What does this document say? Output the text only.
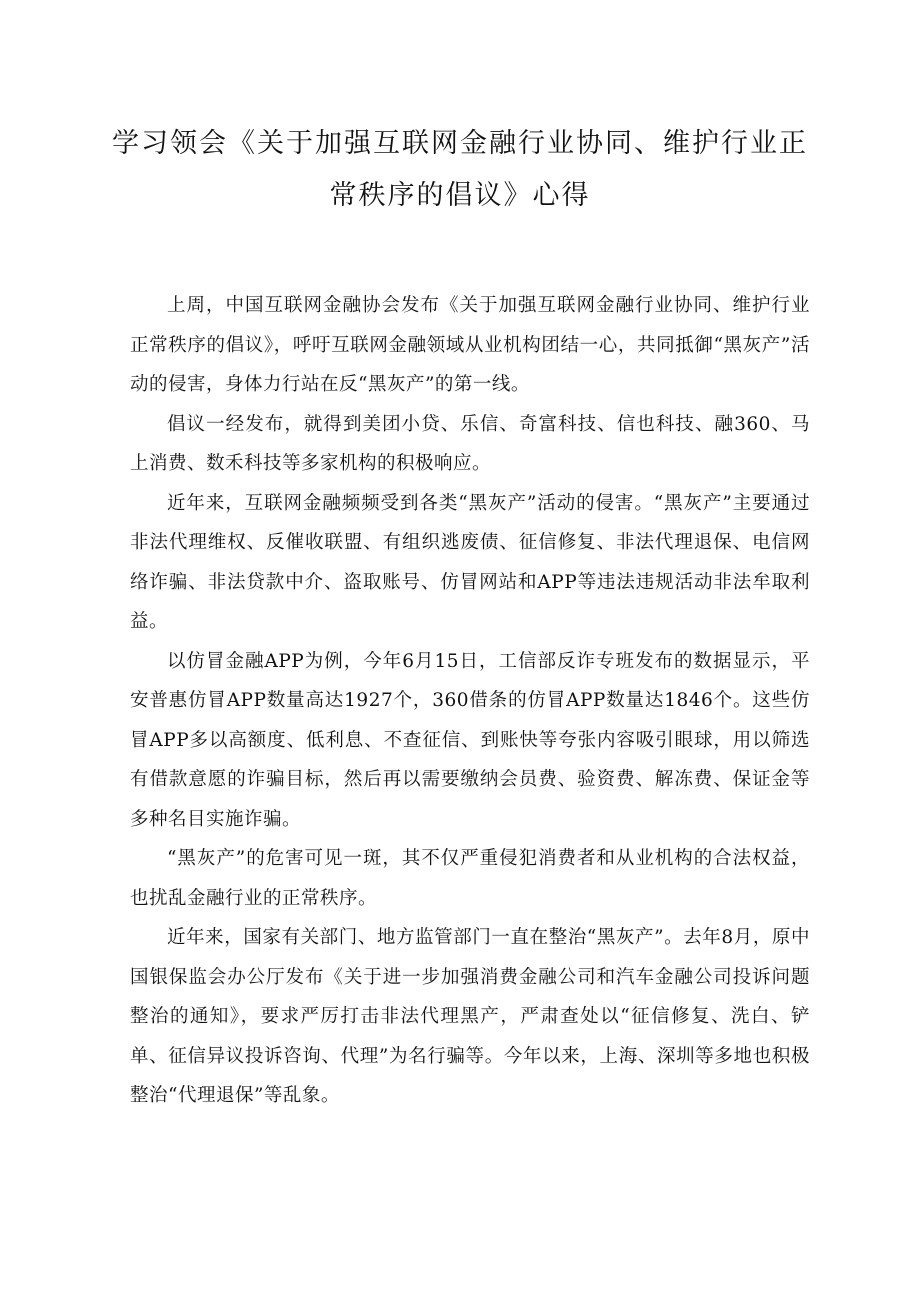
学习领会《关于加强互联网金融行业协同、维护行业正
常秩序的倡议》心得

上周，中国互联网金融协会发布《关于加强互联网金融行业协同、维护行业正常秩序的倡议》，呼吁互联网金融领域从业机构团结一心，共同抵御“黑灰产”活动的侵害，身体力行站在反“黑灰产”的第一线。

倡议一经发布，就得到美团小贷、乐信、奇富科技、信也科技、融360、马上消费、数禾科技等多家机构的积极响应。

近年来，互联网金融频频受到各类“黑灰产”活动的侵害。“黑灰产”主要通过非法代理维权、反催收联盟、有组织逃废债、征信修复、非法代理退保、电信网络诈骗、非法贷款中介、盗取账号、仿冒网站和APP等违法违规活动非法牟取利益。

以仿冒金融APP为例，今年6月15日，工信部反诈专班发布的数据显示，平安普惠仿冒APP数量高达1927个，360借条的仿冒APP数量达1846个。这些仿冒APP多以高额度、低利息、不查征信、到账快等夸张内容吸引眼球，用以筛选有借款意愿的诈骗目标，然后再以需要缴纳会员费、验资费、解冻费、保证金等多种名目实施诈骗。

“黑灰产”的危害可见一斑，其不仅严重侵犯消费者和从业机构的合法权益，也扰乱金融行业的正常秩序。

近年来，国家有关部门、地方监管部门一直在整治“黑灰产”。去年8月，原中国银保监会办公厅发布《关于进一步加强消费金融公司和汽车金融公司投诉问题整治的通知》，要求严厉打击非法代理黑产，严肃查处以“征信修复、洗白、铲单、征信异议投诉咨询、代理”为名行骗等。今年以来，上海、深圳等多地也积极整治“代理退保”等乱象。
